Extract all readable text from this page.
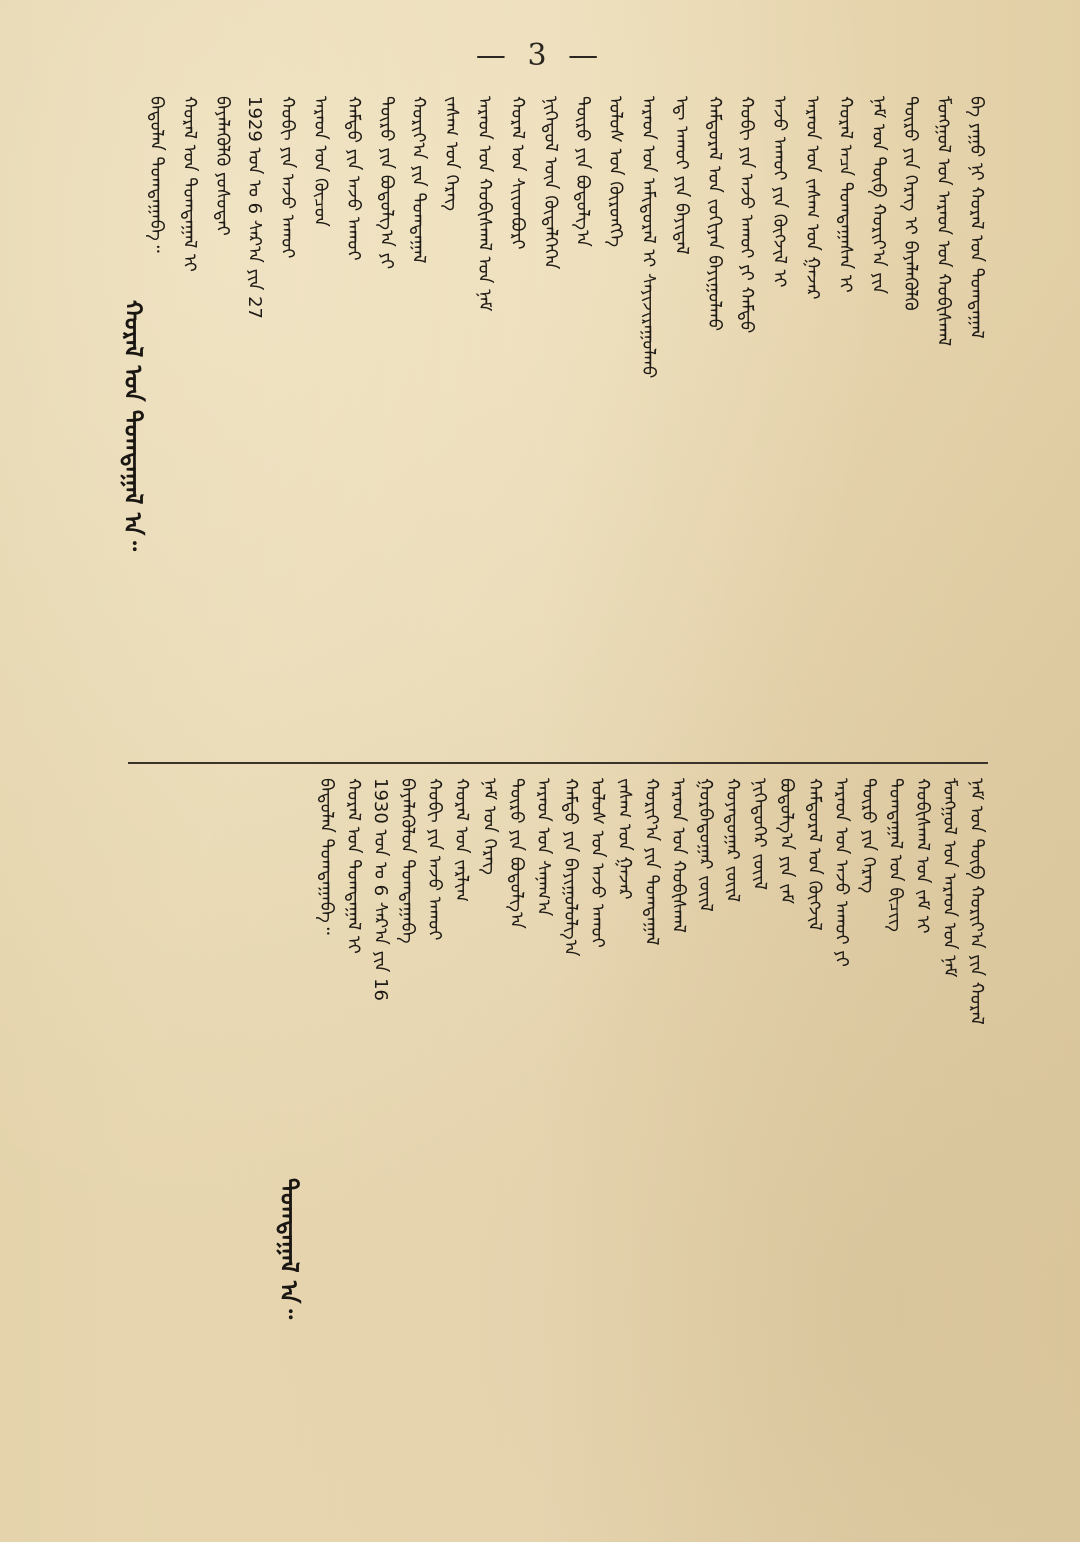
— 3 —
ᠬᠤᠷᠠᠯ ᠤᠨ ᠲᠣᠭᠲᠠᠭᠠᠯ ᠠ᠃
ᠪᠠ ᠶᠠᠭᠤ ᠨᠢ ᠬᠤᠷᠠᠯ ᠤᠨ ᠲᠣᠭᠲᠠᠭᠠᠯ
ᠮᠣᠩᠭᠣᠯ ᠤᠨ ᠠᠷᠠᠳ ᠤᠨ ᠬᠤᠪᠢᠰᠬᠠᠯ
ᠲᠥᠷᠥ ᠶᠢᠨ ᠬᠡᠷᠡᠭ ᠢ ᠪᠡᠶᠡᠯᠡᠭᠦᠯᠬᠦ
ᠨᠠᠮ ᠤᠨ ᠲᠥᠪ ᠬᠣᠷᠢᠶ᠎ᠠ ᠶᠢᠨ
ᠬᠤᠷᠠᠯ ᠠᠴᠠ ᠲᠣᠭᠲᠠᠭᠠᠰᠠᠨ ᠢ
ᠠᠷᠠᠳ ᠤᠨ ᠵᠠᠰᠠᠭ ᠤᠨ ᠭᠠᠵᠠᠷ
ᠠᠵᠤ ᠠᠬᠤᠢ ᠶᠢᠨ ᠬᠥᠭᠵᠢᠯ ᠢ
ᠬᠣᠪᠢ ᠶᠢᠨ ᠠᠵᠤ ᠠᠬᠤᠢ ᠶᠢ ᠬᠠᠮᠲᠤ
ᠬᠠᠮᠲᠤᠷᠠᠯ ᠤᠨ ᠵᠣᠬᠢᠶᠠᠨ ᠪᠠᠶᠢᠭᠤᠯᠬᠤ
ᠡᠳ᠋ ᠠᠬᠤᠢ ᠶᠢᠨ ᠪᠠᠶᠢᠳᠠᠯ
ᠠᠷᠠᠳ ᠤᠨ ᠠᠮᠢᠳᠤᠷᠠᠯ ᠢ ᠰᠠᠶᠢᠵᠢᠷᠠᠭᠤᠯᠬᠤ
ᠤᠯᠤᠰ ᠤᠨ ᠬᠥᠷᠥᠩᠭᠡ
ᠲᠥᠷᠥ ᠶᠢᠨ ᠪᠣᠳᠣᠯᠭ᠎ᠠ
ᠨᠢᠭᠡᠳᠦᠯ ᠦᠨ ᠬᠥᠳᠡᠯᠭᠡᠭᠡᠨ
ᠬᠤᠷᠠᠯ ᠤᠨ ᠰᠢᠢᠳᠪᠦᠷᠢ
ᠠᠷᠠᠳ ᠤᠨ ᠬᠤᠪᠢᠰᠬᠠᠯ ᠤᠨ ᠨᠠᠮ
ᠵᠠᠰᠠᠭ ᠤᠨ ᠬᠡᠷᠡᠭ
ᠬᠣᠷᠢᠶ᠎ᠠ ᠶᠢᠨ ᠲᠣᠭᠲᠠᠭᠠᠯ
ᠲᠥᠷᠥ ᠶᠢᠨ ᠪᠣᠳᠣᠯᠭ᠎ᠠ ᠶᠢ
ᠬᠠᠮᠲᠤ ᠶᠢᠨ ᠠᠵᠤ ᠠᠬᠤᠢ
ᠠᠷᠠᠳ ᠤᠨ ᠬᠦᠴᠦᠨ
ᠬᠣᠪᠢ ᠶᠢᠨ ᠠᠵᠤ ᠠᠬᠤᠢ
1929 ᠣᠨ ᠤ 6 ᠰᠠᠷ᠎ᠠ ᠶᠢᠨ 27
ᠪᠡᠶᠡᠯᠡᠭᠦᠯᠬᠦ ᠶᠣᠰᠣᠲᠠᠢ
ᠬᠤᠷᠠᠯ ᠤᠨ ᠲᠣᠭᠲᠠᠭᠠᠯ ᠢ
ᠪᠠᠲᠤᠯᠠᠨ ᠲᠣᠭᠲᠠᠭᠠᠪᠠ᠃
ᠲᠣᠭᠲᠠᠭᠠᠯ ᠠ᠃
ᠨᠠᠮ ᠤᠨ ᠲᠥᠪ ᠬᠣᠷᠢᠶ᠎ᠠ ᠶᠢᠨ ᠬᠤᠷᠠᠯ
ᠮᠣᠩᠭᠣᠯ ᠤᠨ ᠠᠷᠠᠳ ᠤᠨ ᠨᠠᠮ
ᠬᠤᠪᠢᠰᠬᠠᠯ ᠤᠨ ᠵᠠᠮ ᠢ
ᠲᠣᠭᠲᠠᠭᠠᠯ ᠤᠨ ᠪᠢᠴᠢᠭ
ᠲᠥᠷᠥ ᠶᠢᠨ ᠬᠡᠷᠡᠭ
ᠠᠷᠠᠳ ᠤᠨ ᠠᠵᠤ ᠠᠬᠤᠢ ᠶᠢ
ᠬᠠᠮᠲᠤᠷᠠᠯ ᠤᠨ ᠬᠥᠭᠵᠢᠯ
ᠪᠣᠳᠣᠯᠭ᠎ᠠ ᠶᠢᠨ ᠵᠠᠮ
ᠨᠢᠭᠡᠳᠦᠭᠡᠷ ᠵᠦᠢᠯ
ᠬᠣᠶᠠᠳᠤᠭᠠᠷ ᠵᠦᠢᠯ
ᠭᠤᠷᠪᠠᠳᠤᠭᠠᠷ ᠵᠦᠢᠯ
ᠠᠷᠠᠳ ᠤᠨ ᠬᠤᠪᠢᠰᠬᠠᠯ
ᠬᠣᠷᠢᠶ᠎ᠠ ᠶᠢᠨ ᠲᠣᠭᠲᠠᠭᠠᠯ
ᠵᠠᠰᠠᠭ ᠤᠨ ᠭᠠᠵᠠᠷ
ᠤᠯᠤᠰ ᠤᠨ ᠠᠵᠤ ᠠᠬᠤᠢ
ᠬᠠᠮᠲᠤ ᠶᠢᠨ ᠪᠠᠶᠢᠭᠤᠯᠤᠯᠭ᠎ᠠ
ᠠᠷᠠᠳ ᠤᠨ ᠰᠠᠨᠠᠭ᠎ᠠ
ᠲᠥᠷᠥ ᠶᠢᠨ ᠪᠣᠳᠣᠯᠭ᠎ᠠ
ᠨᠠᠮ ᠤᠨ ᠬᠡᠷᠡᠭ
ᠬᠤᠷᠠᠯ ᠤᠨ ᠵᠠᠷᠯᠢᠭ
ᠬᠣᠪᠢ ᠶᠢᠨ ᠠᠵᠤ ᠠᠬᠤᠢ
ᠪᠡᠶᠡᠯᠡᠭᠦᠯᠦᠨ ᠲᠣᠭᠲᠠᠭᠠᠪᠠ
1930 ᠣᠨ ᠤ 6 ᠰᠠᠷ᠎ᠠ ᠶᠢᠨ 16
ᠬᠤᠷᠠᠯ ᠤᠨ ᠲᠣᠭᠲᠠᠭᠠᠯ ᠢ
ᠪᠠᠲᠤᠯᠠᠨ ᠲᠣᠭᠲᠠᠭᠠᠪᠠ᠃
